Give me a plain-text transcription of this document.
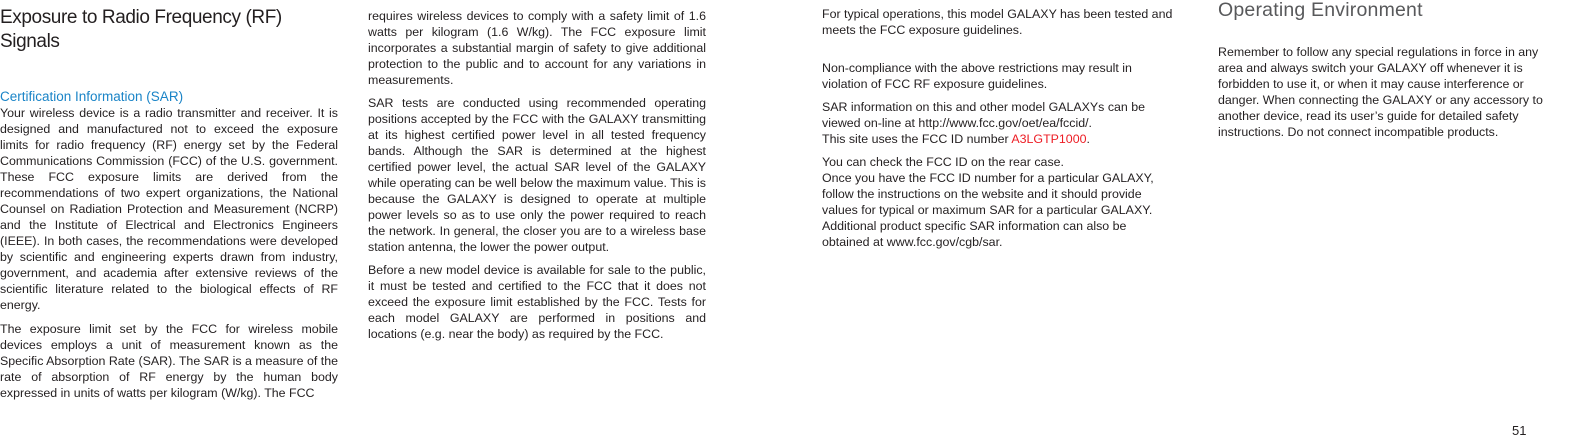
Exposure to Radio Frequency (RF) Signals
Certification Information (SAR)

Your wireless device is a radio transmitter and receiver. It is designed and manufactured not to exceed the exposure limits for radio frequency (RF) energy set by the Federal Communications Commission (FCC) of the U.S. government. These FCC exposure limits are derived from the recommendations of two expert organizations, the National Counsel on Radiation Protection and Measurement (NCRP) and the Institute of Electrical and Electronics Engineers (IEEE). In both cases, the recommendations were developed by scientific and engineering experts drawn from industry, government, and academia after extensive reviews of the scientific literature related to the biological effects of RF energy.

The exposure limit set by the FCC for wireless mobile devices employs a unit of measurement known as the Specific Absorption Rate (SAR). The SAR is a measure of the rate of absorption of RF energy by the human body expressed in units of watts per kilogram (W/kg). The FCC

requires wireless devices to comply with a safety limit of 1.6 watts per kilogram (1.6 W/kg). The FCC exposure limit incorporates a substantial margin of safety to give additional protection to the public and to account for any variations in measurements.

SAR tests are conducted using recommended operating positions accepted by the FCC with the GALAXY transmitting at its highest certified power level in all tested frequency bands. Although the SAR is determined at the highest certified power level, the actual SAR level of the GALAXY while operating can be well below the maximum value. This is because the GALAXY is designed to operate at multiple power levels so as to use only the power required to reach the network. In general, the closer you are to a wireless base station antenna, the lower the power output.

Before a new model device is available for sale to the public, it must be tested and certified to the FCC that it does not exceed the exposure limit established by the FCC. Tests for each model GALAXY are performed in positions and locations (e.g. near the body) as required by the FCC.

For typical operations, this model GALAXY has been tested and meets the FCC exposure guidelines.

Non-compliance with the above restrictions may result in violation of FCC RF exposure guidelines.

SAR information on this and other model GALAXYs can be viewed on-line at http://www.fcc.gov/oet/ea/fccid/.
This site uses the FCC ID number A3LGTP1000.

You can check the FCC ID on the rear case.

Once you have the FCC ID number for a particular GALAXY, follow the instructions on the website and it should provide values for typical or maximum SAR for a particular GALAXY. Additional product specific SAR information can also be obtained at www.fcc.gov/cgb/sar.

Operating Environment

Remember to follow any special regulations in force in any area and always switch your GALAXY off whenever it is forbidden to use it, or when it may cause interference or danger. When connecting the GALAXY or any accessory to another device, read its user’s guide for detailed safety instructions. Do not connect incompatible products.

51
